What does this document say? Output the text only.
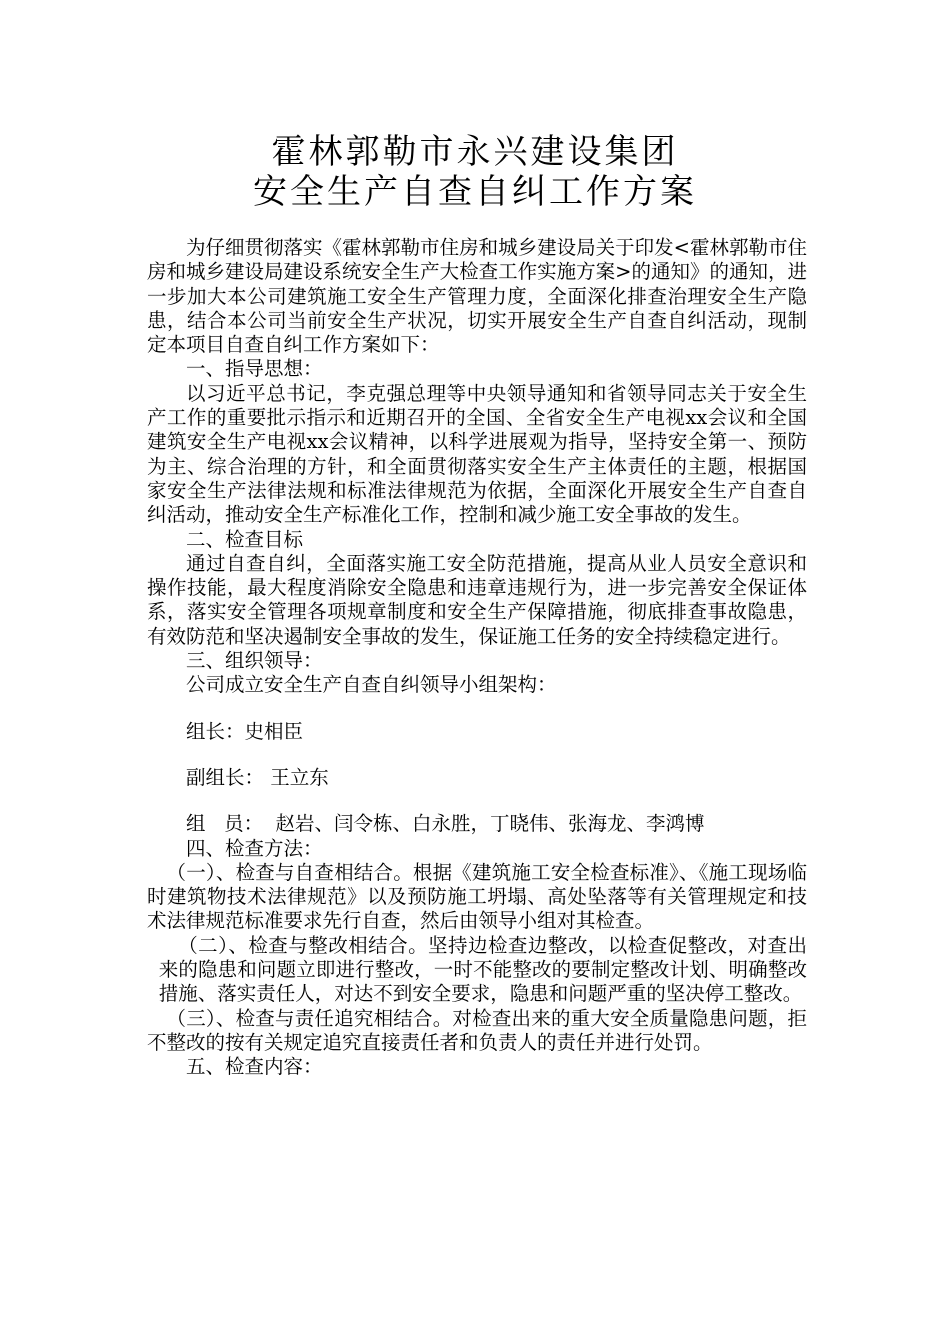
霍林郭勒市永兴建设集团
安全生产自查自纠工作方案

为仔细贯彻落实《霍林郭勒市住房和城乡建设局关于印发<霍林郭勒市住房和城乡建设局建设系统安全生产大检查工作实施方案>的通知》的通知，进一步加大本公司建筑施工安全生产管理力度，全面深化排查治理安全生产隐患，结合本公司当前安全生产状况，切实开展安全生产自查自纠活动，现制定本项目自查自纠工作方案如下：

一、指导思想：

以习近平总书记，李克强总理等中央领导通知和省领导同志关于安全生产工作的重要批示指示和近期召开的全国、全省安全生产电视xx会议和全国建筑安全生产电视xx会议精神，以科学进展观为指导，坚持安全第一、预防为主、综合治理的方针，和全面贯彻落实安全生产主体责任的主题，根据国家安全生产法律法规和标准法律规范为依据，全面深化开展安全生产自查自纠活动，推动安全生产标准化工作，控制和减少施工安全事故的发生。

二、检查目标

通过自查自纠，全面落实施工安全防范措施，提高从业人员安全意识和操作技能，最大程度消除安全隐患和违章违规行为，进一步完善安全保证体系，落实安全管理各项规章制度和安全生产保障措施，彻底排查事故隐患，有效防范和坚决遏制安全事故的发生，保证施工任务的安全持续稳定进行。

三、组织领导：

公司成立安全生产自查自纠领导小组架构：

组长：史相臣

副组长： 王立东

组   员：  赵岩、闫令栋、白永胜，丁晓伟、张海龙、李鸿博

四、检查方法：

（一）、检查与自查相结合。根据《建筑施工安全检查标准》、《施工现场临时建筑物技术法律规范》以及预防施工坍塌、高处坠落等有关管理规定和技术法律规范标准要求先行自查，然后由领导小组对其检查。

（二）、检查与整改相结合。坚持边检查边整改，以检查促整改，对查出来的隐患和问题立即进行整改，一时不能整改的要制定整改计划、明确整改措施、落实责任人，对达不到安全要求，隐患和问题严重的坚决停工整改。

（三）、检查与责任追究相结合。对检查出来的重大安全质量隐患问题，拒不整改的按有关规定追究直接责任者和负责人的责任并进行处罚。

五、检查内容：
